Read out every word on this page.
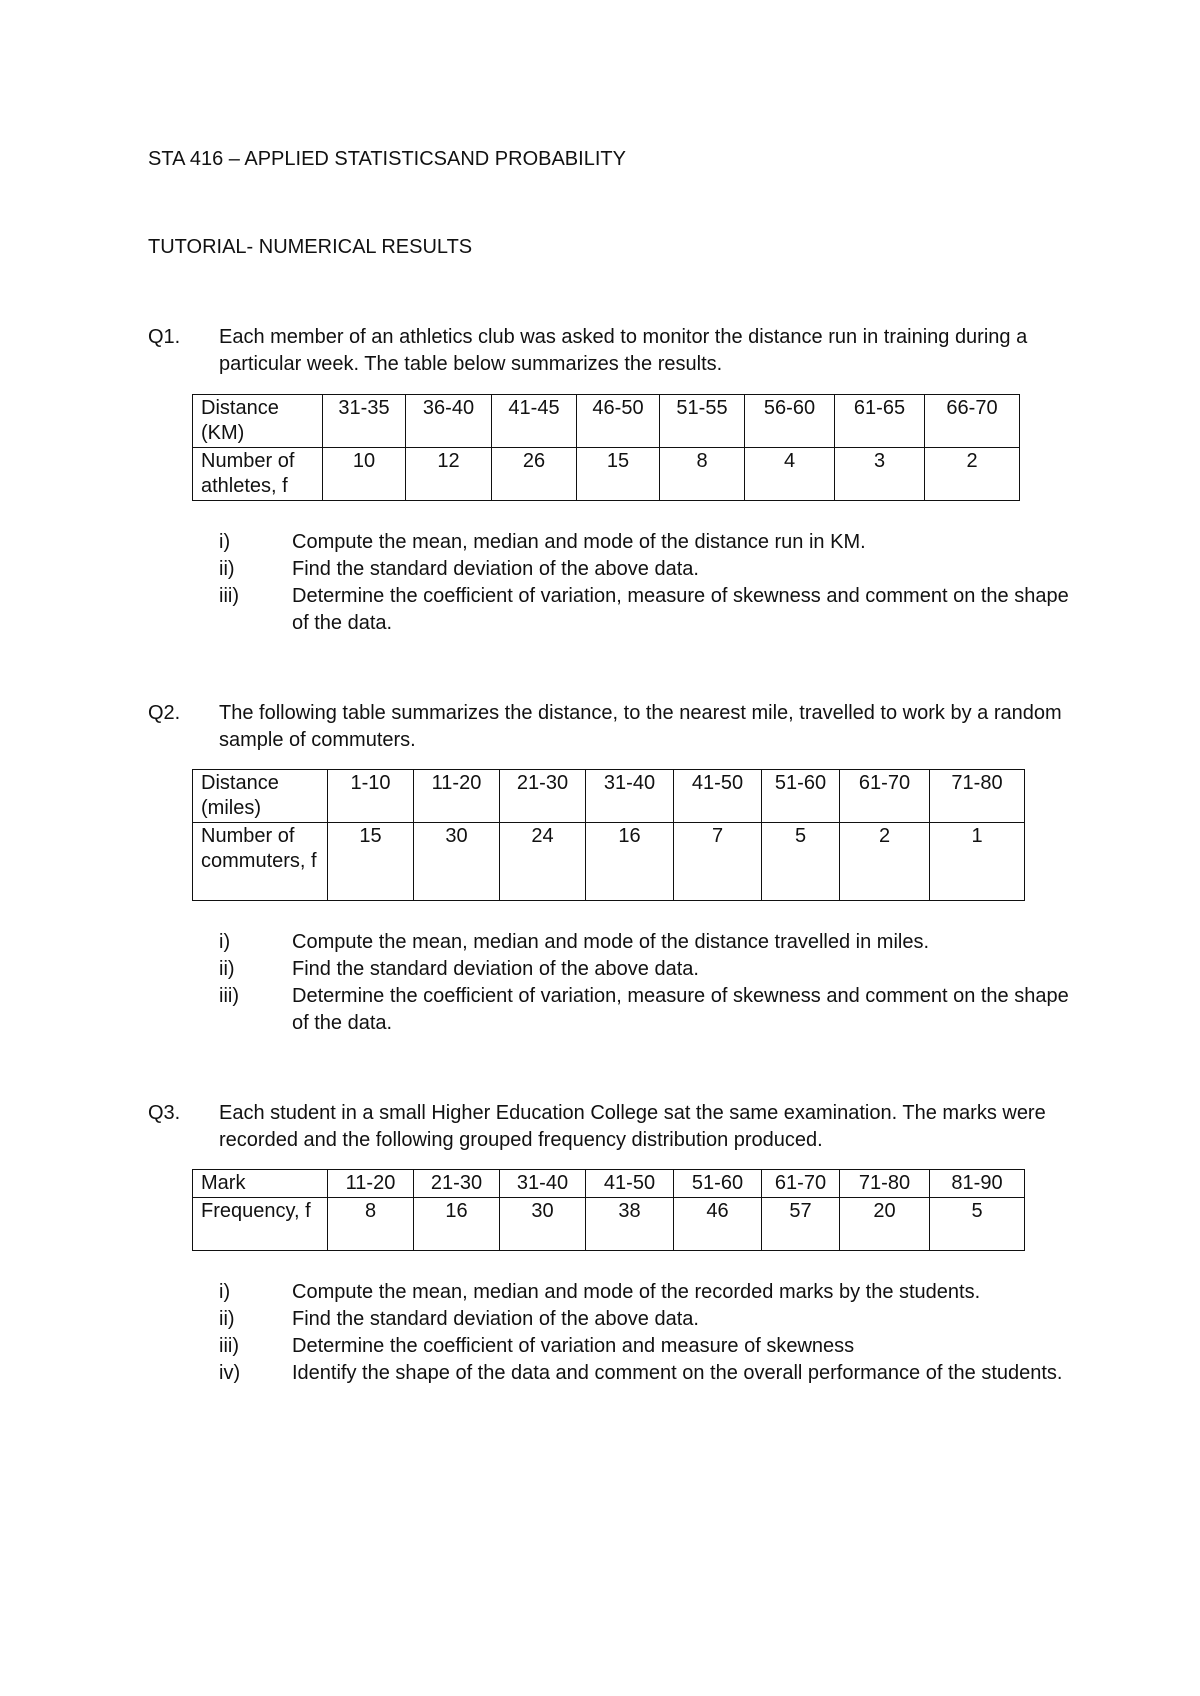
STA 416 – APPLIED STATISTICSAND PROBABILITY
TUTORIAL- NUMERICAL RESULTS
Q1. Each member of an athletics club was asked to monitor the distance run in training during a particular week. The table below summarizes the results.
Distance (KM)	31-35	36-40	41-45	46-50	51-55	56-60	61-65	66-70
Number of athletes, f	10	12	26	15	8	4	3	2
i)	Compute the mean, median and mode of the distance run in KM.
ii)	Find the standard deviation of the above data.
iii)	Determine the coefficient of variation, measure of skewness and comment on the shape of the data.
Q2. The following table summarizes the distance, to the nearest mile, travelled to work by a random sample of commuters.
Distance (miles)	1-10	11-20	21-30	31-40	41-50	51-60	61-70	71-80
Number of commuters, f	15	30	24	16	7	5	2	1
i)	Compute the mean, median and mode of the distance travelled in miles.
ii)	Find the standard deviation of the above data.
iii)	Determine the coefficient of variation, measure of skewness and comment on the shape of the data.
Q3. Each student in a small Higher Education College sat the same examination. The marks were recorded and the following grouped frequency distribution produced.
Mark	11-20	21-30	31-40	41-50	51-60	61-70	71-80	81-90
Frequency, f	8	16	30	38	46	57	20	5
i)	Compute the mean, median and mode of the recorded marks by the students.
ii)	Find the standard deviation of the above data.
iii)	Determine the coefficient of variation and measure of skewness
iv)	Identify the shape of the data and comment on the overall performance of the students.
